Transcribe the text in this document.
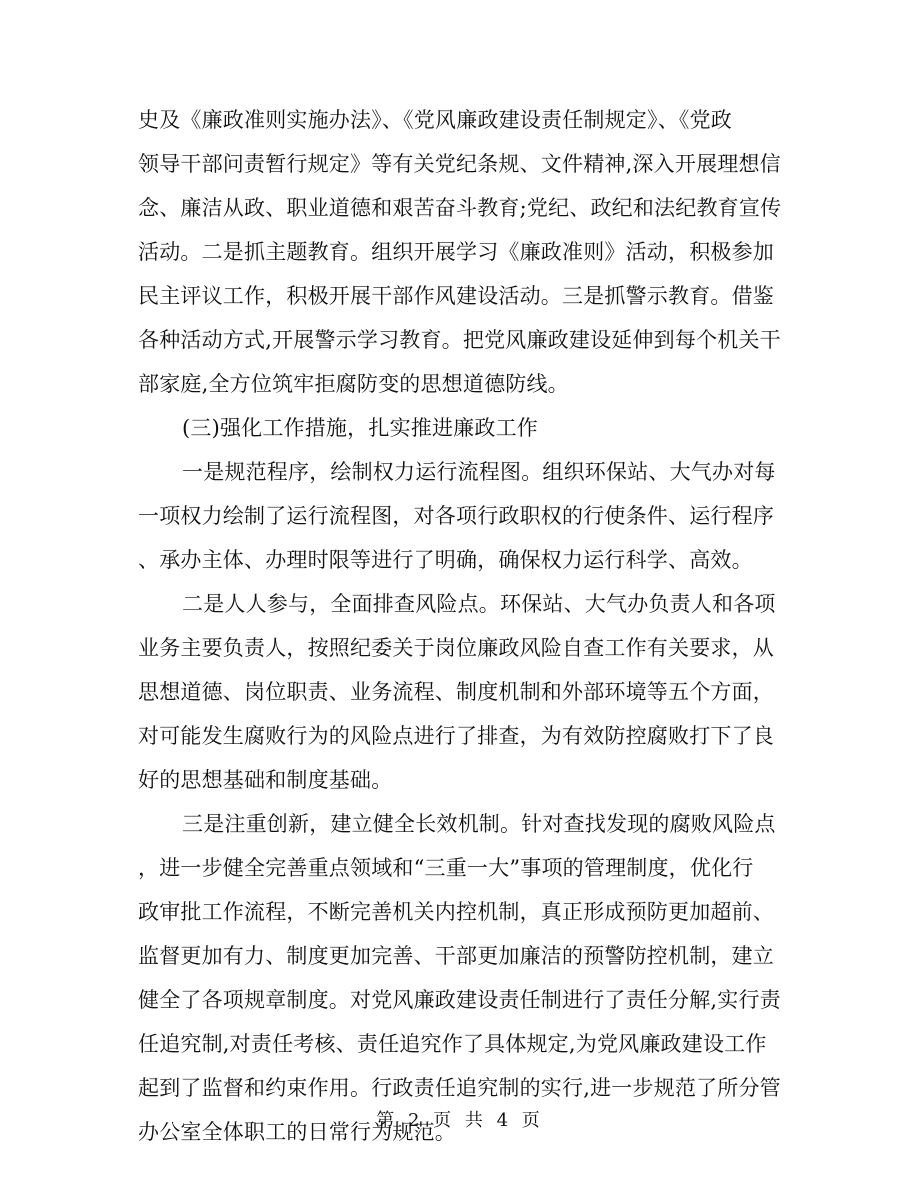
史及《廉政准则实施办法》、《党风廉政建设责任制规定》、《党政
领导干部问责暂行规定》等有关党纪条规、文件精神,深入开展理想信
念、廉洁从政、职业道德和艰苦奋斗教育;党纪、政纪和法纪教育宣传
活动。二是抓主题教育。组织开展学习《廉政准则》活动，积极参加
民主评议工作，积极开展干部作风建设活动。三是抓警示教育。借鉴
各种活动方式,开展警示学习教育。把党风廉政建设延伸到每个机关干
部家庭,全方位筑牢拒腐防变的思想道德防线。
(三)强化工作措施，扎实推进廉政工作
一是规范程序，绘制权力运行流程图。组织环保站、大气办对每
一项权力绘制了运行流程图，对各项行政职权的行使条件、运行程序
、承办主体、办理时限等进行了明确，确保权力运行科学、高效。
二是人人参与，全面排查风险点。环保站、大气办负责人和各项
业务主要负责人，按照纪委关于岗位廉政风险自查工作有关要求，从
思想道德、岗位职责、业务流程、制度机制和外部环境等五个方面，
对可能发生腐败行为的风险点进行了排查，为有效防控腐败打下了良
好的思想基础和制度基础。
三是注重创新，建立健全长效机制。针对查找发现的腐败风险点
，进一步健全完善重点领域和“三重一大”事项的管理制度，优化行
政审批工作流程，不断完善机关内控机制，真正形成预防更加超前、
监督更加有力、制度更加完善、干部更加廉洁的预警防控机制，建立
健全了各项规章制度。对党风廉政建设责任制进行了责任分解,实行责
任追究制,对责任考核、责任追究作了具体规定,为党风廉政建设工作
起到了监督和约束作用。行政责任追究制的实行,进一步规范了所分管
办公室全体职工的日常行为规范。
第 2 页 共 4 页
